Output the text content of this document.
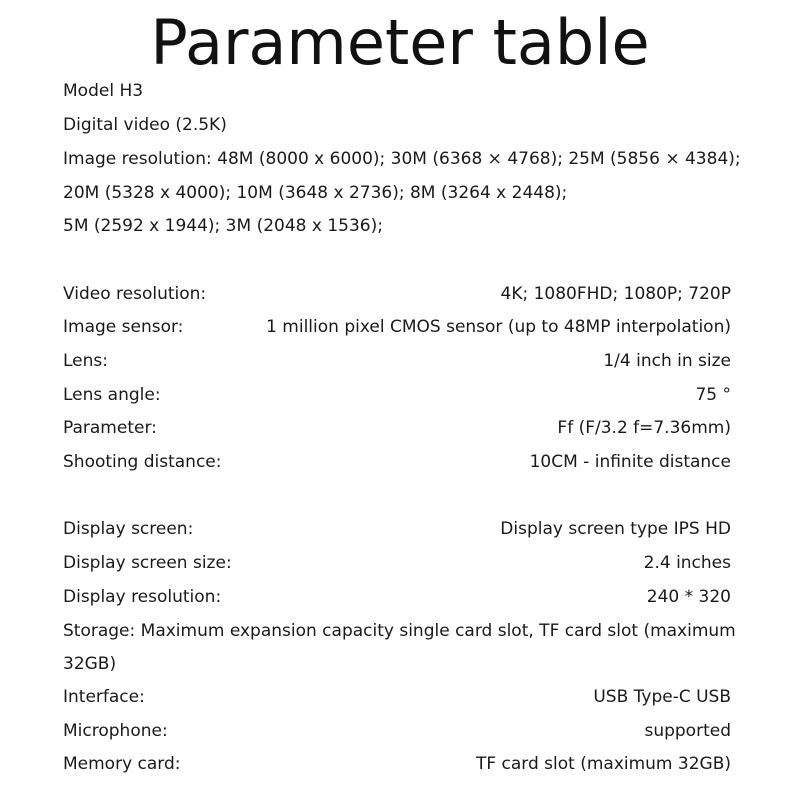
Parameter table
Model H3
Digital video (2.5K)
Image resolution: 48M (8000 x 6000); 30M (6368 × 4768); 25M (5856 × 4384);
20M (5328 x 4000); 10M (3648 x 2736); 8M (3264 x 2448);
5M (2592 x 1944); 3M (2048 x 1536);
Video resolution:	4K; 1080FHD; 1080P; 720P
Image sensor:	1 million pixel CMOS sensor (up to 48MP interpolation)
Lens:	1/4 inch in size
Lens angle:	75 °
Parameter:	Ff (F/3.2 f=7.36mm)
Shooting distance:	10CM - infinite distance
Display screen:	Display screen type IPS HD
Display screen size:	2.4 inches
Display resolution:	240 * 320
Storage: Maximum expansion capacity single card slot, TF card slot (maximum
32GB)
Interface:	USB Type-C USB
Microphone:	supported
Memory card:	TF card slot (maximum 32GB)
